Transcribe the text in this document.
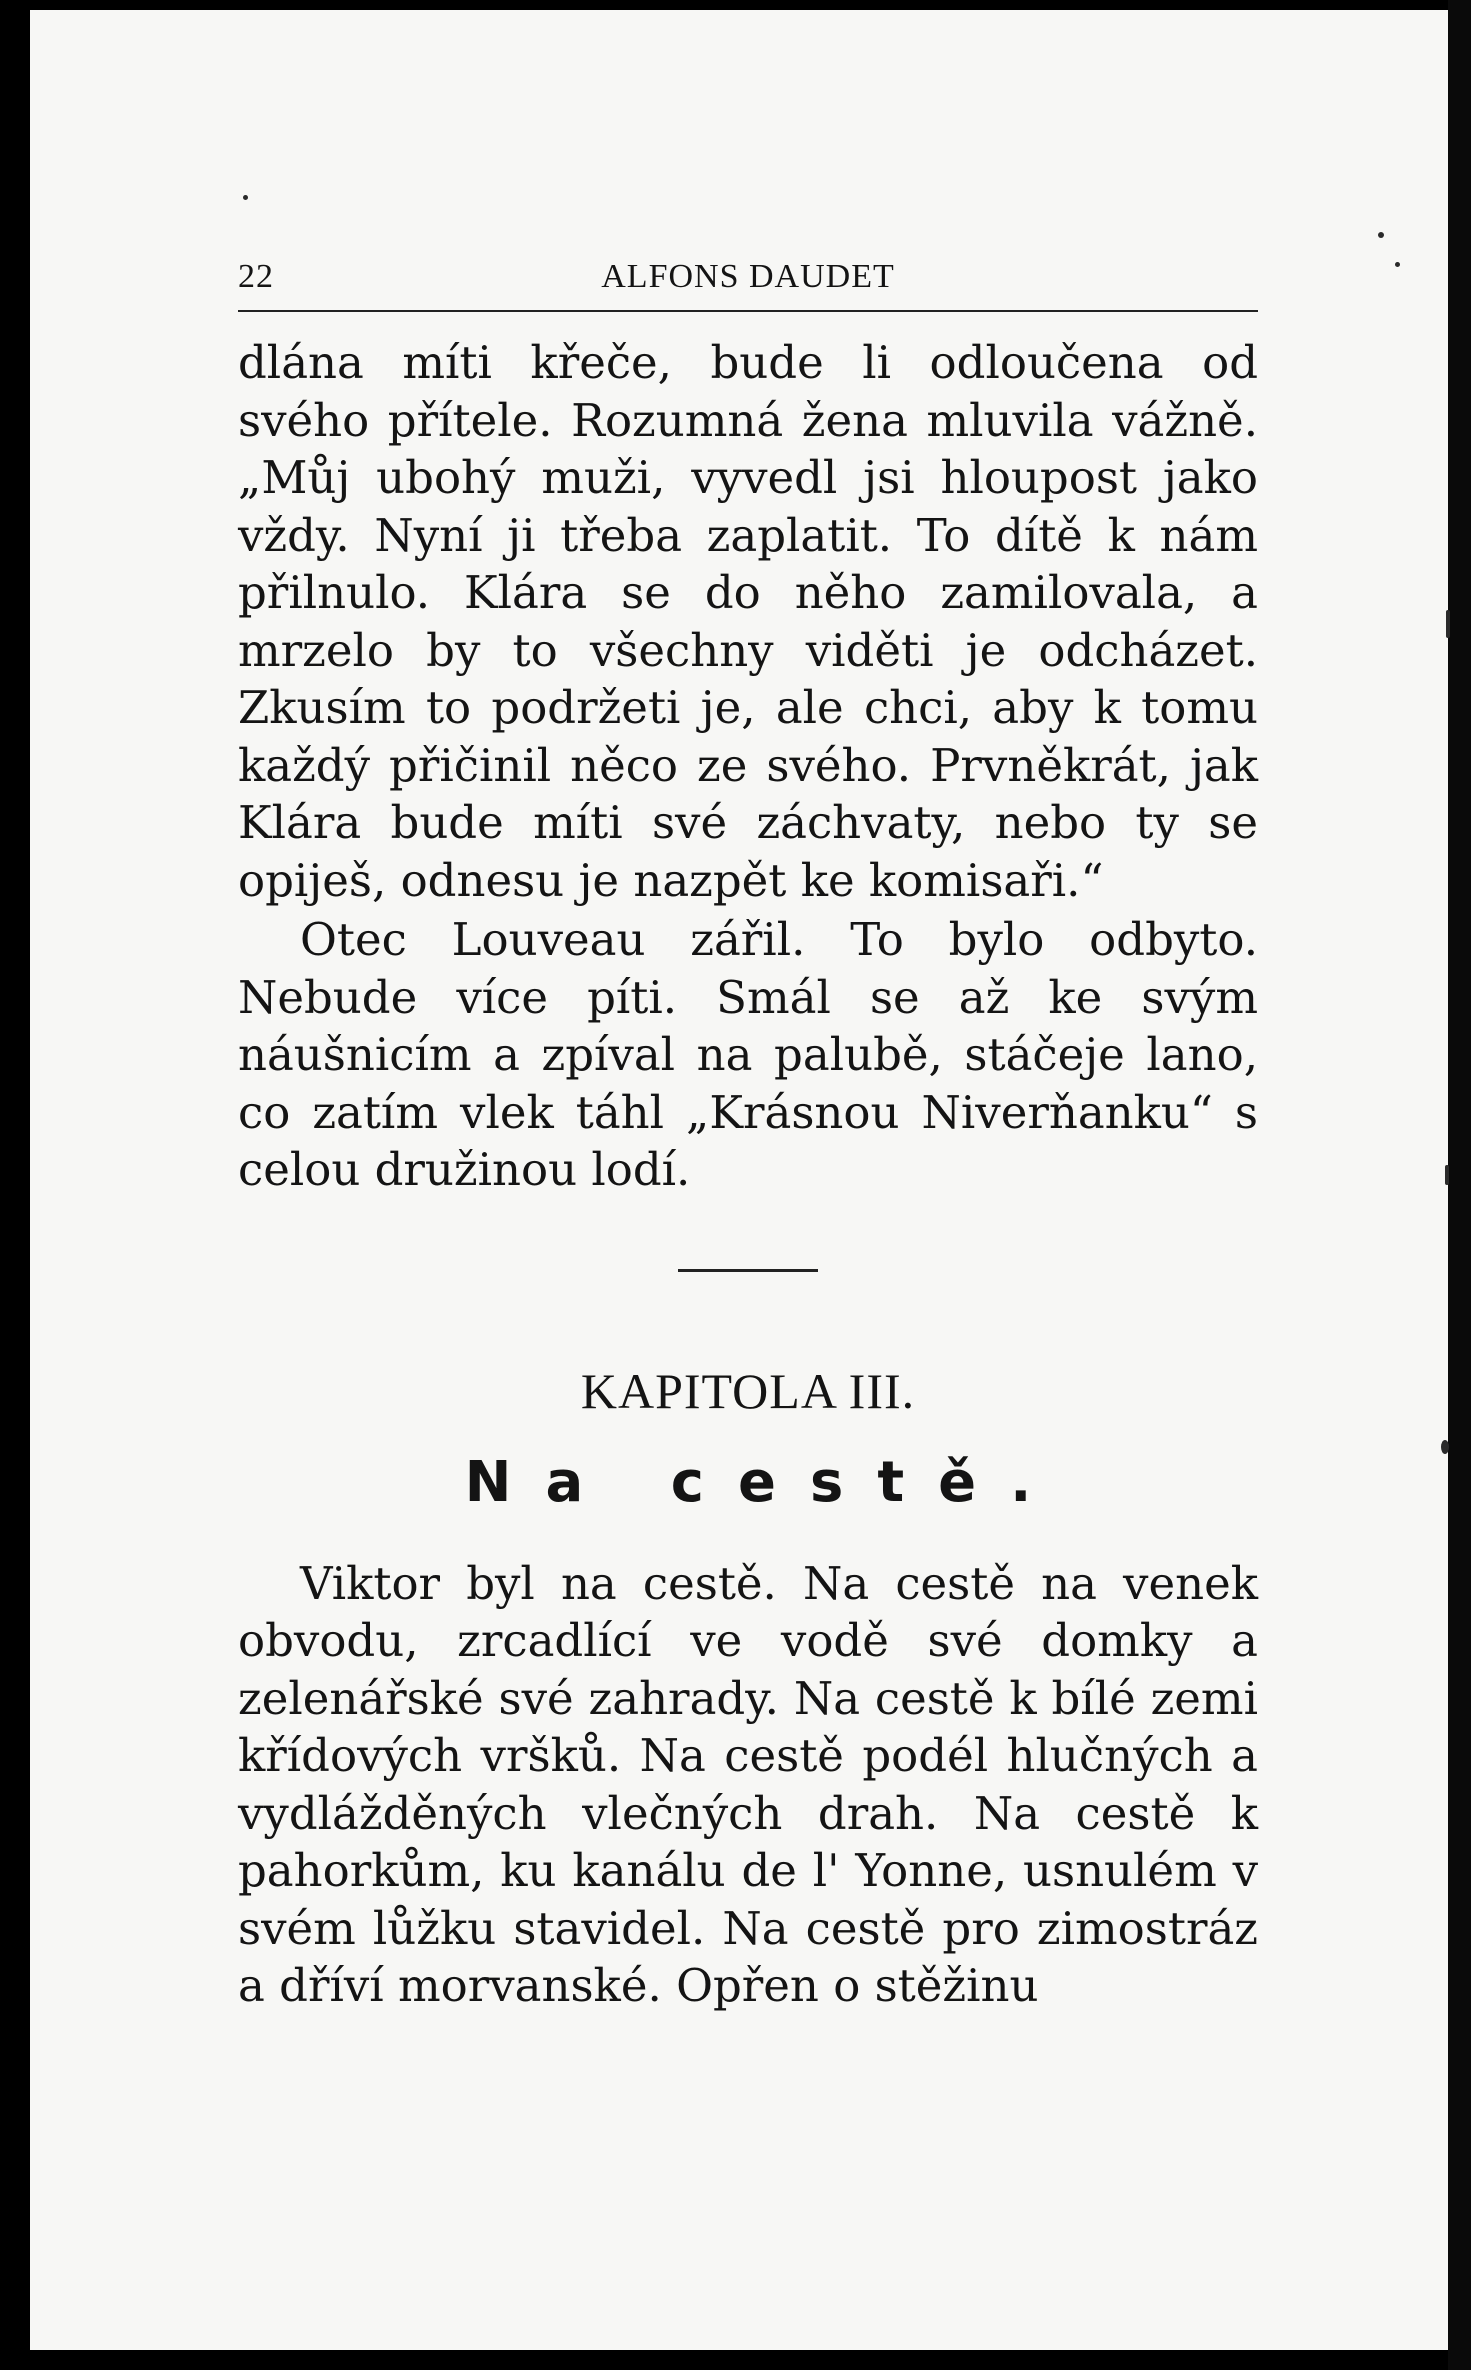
22	ALFONS DAUDET

dlána míti křeče, bude li odloučena od svého přítele. Rozumná žena mluvila vážně. „Můj ubohý muži, vyvedl jsi hloupost jako vždy. Nyní ji třeba zaplatit. To dítě k nám přilnulo. Klára se do něho zamilovala, a mrzelo by to všechny viděti je odcházet. Zkusím to podržeti je, ale chci, aby k tomu každý přičinil něco ze svého. Prvněkrát, jak Klára bude míti své záchvaty, nebo ty se opiješ, odnesu je nazpět ke komisaři.“

Otec Louveau zářil. To bylo odbyto. Nebude více píti. Smál se až ke svým náušnicím a zpíval na palubě, stáčeje lano, co zatím vlek táhl „Krásnou Niverňanku“ s celou družinou lodí.

KAPITOLA III.
Na cestě.

Viktor byl na cestě. Na cestě na venek obvodu, zrcadlící ve vodě své domky a zelenářské své zahrady. Na cestě k bílé zemi křídových vršků. Na cestě podél hlučných a vydlážděných vlečných drah. Na cestě k pahorkům, ku kanálu de l' Yonne, usnulém v svém lůžku stavidel. Na cestě pro zimostráz a dříví morvanské. Opřen o stěžinu
